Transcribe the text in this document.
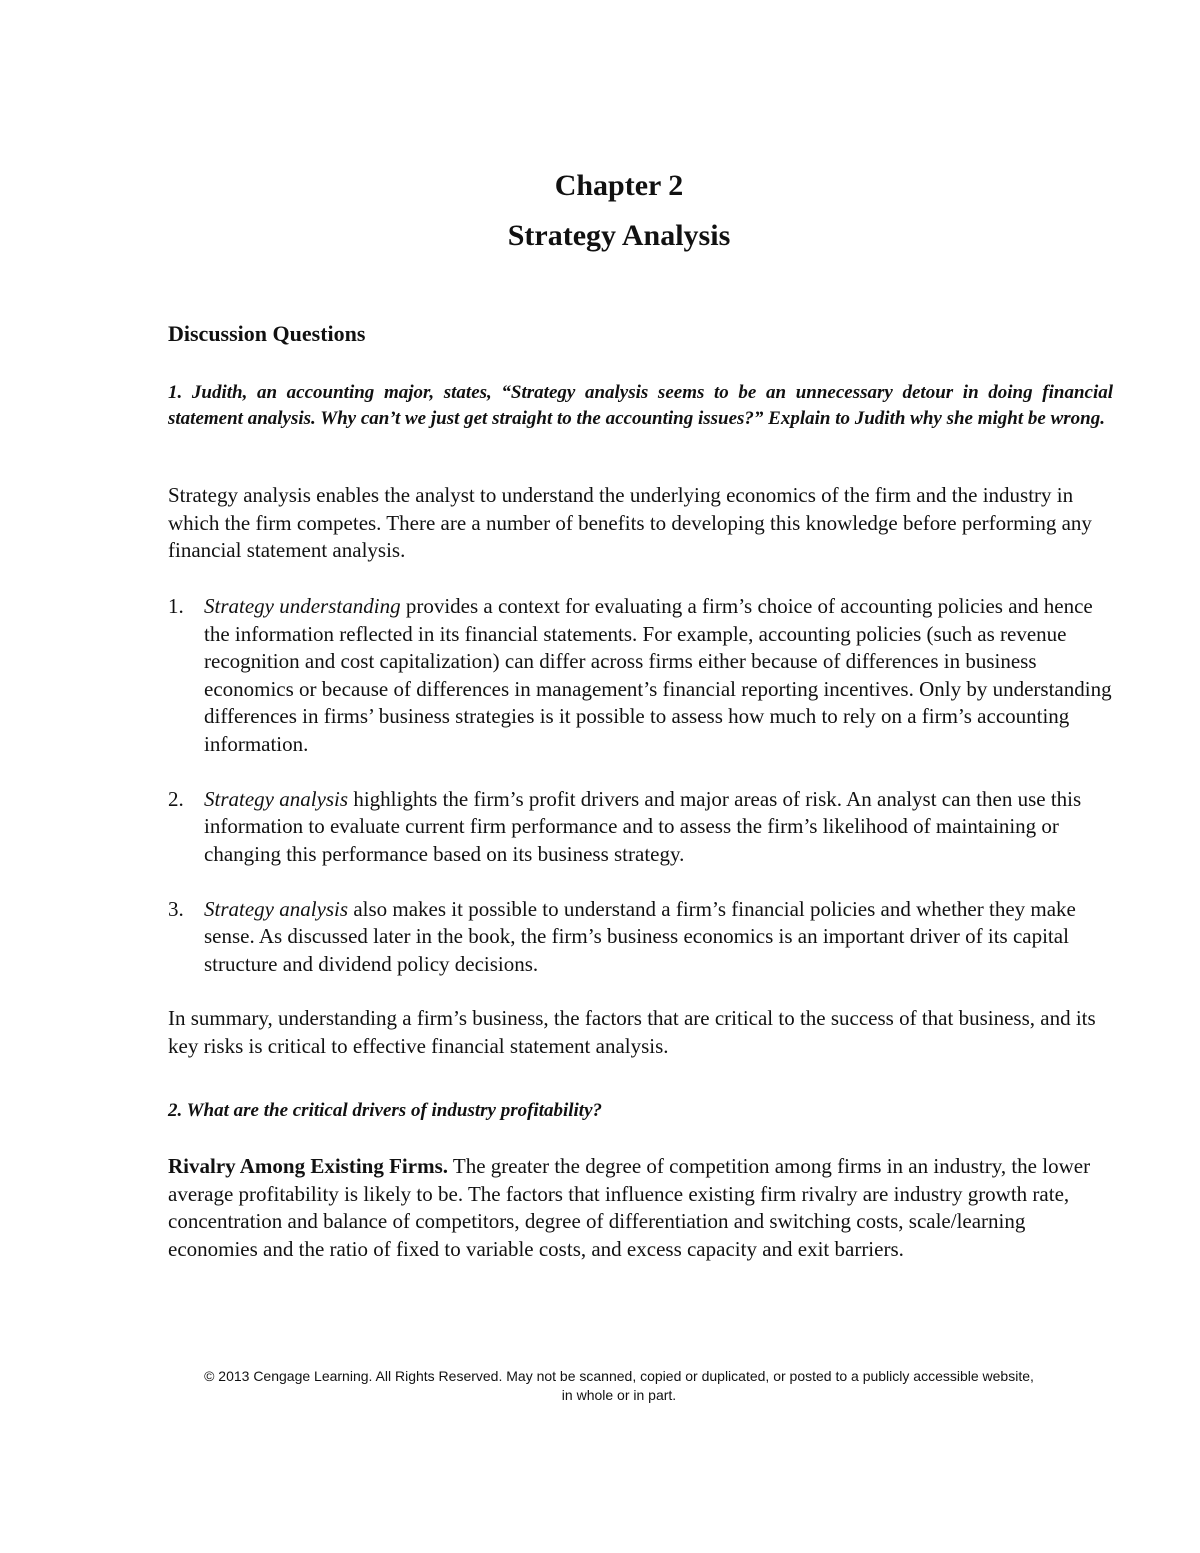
Chapter 2
Strategy Analysis
Discussion Questions

1. Judith, an accounting major, states, “Strategy analysis seems to be an unnecessary detour in doing financial statement analysis. Why can’t we just get straight to the accounting issues?” Explain to Judith why she might be wrong.

Strategy analysis enables the analyst to understand the underlying economics of the firm and the industry in which the firm competes. There are a number of benefits to developing this knowledge before performing any financial statement analysis.

1. Strategy understanding provides a context for evaluating a firm’s choice of accounting policies and hence the information reflected in its financial statements. For example, accounting policies (such as revenue recognition and cost capitalization) can differ across firms either because of differences in business economics or because of differences in management’s financial reporting incentives. Only by understanding differences in firms’ business strategies is it possible to assess how much to rely on a firm’s accounting information.
2. Strategy analysis highlights the firm’s profit drivers and major areas of risk. An analyst can then use this information to evaluate current firm performance and to assess the firm’s likelihood of maintaining or changing this performance based on its business strategy.
3. Strategy analysis also makes it possible to understand a firm’s financial policies and whether they make sense. As discussed later in the book, the firm’s business economics is an important driver of its capital structure and dividend policy decisions.

In summary, understanding a firm’s business, the factors that are critical to the success of that business, and its key risks is critical to effective financial statement analysis.

2. What are the critical drivers of industry profitability?

Rivalry Among Existing Firms. The greater the degree of competition among firms in an industry, the lower average profitability is likely to be. The factors that influence existing firm rivalry are industry growth rate, concentration and balance of competitors, degree of differentiation and switching costs, scale/learning economies and the ratio of fixed to variable costs, and excess capacity and exit barriers.

© 2013 Cengage Learning. All Rights Reserved. May not be scanned, copied or duplicated, or posted to a publicly accessible website,
in whole or in part.
